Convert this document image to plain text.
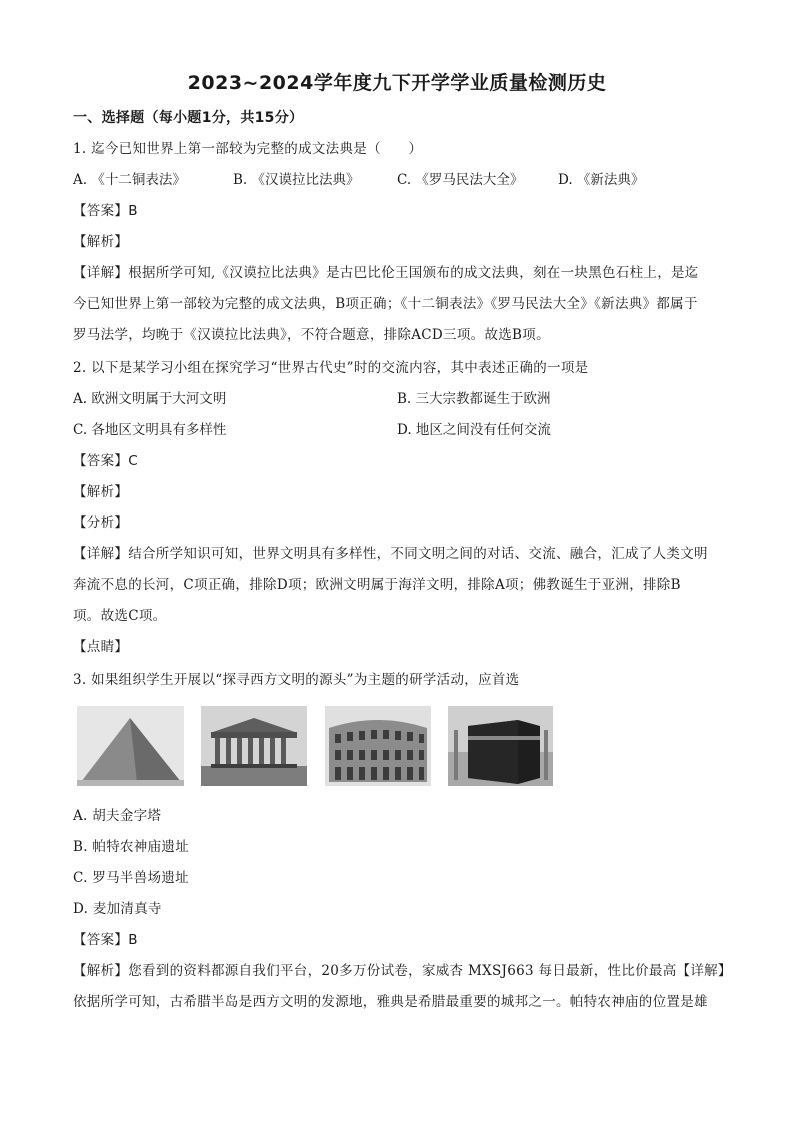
2023~2024学年度九下开学学业质量检测历史
一、选择题（每小题1分，共15分）
1. 迄今已知世界上第一部较为完整的成文法典是（　　）
A. 《十二铜表法》	B. 《汉谟拉比法典》	C. 《罗马民法大全》	D. 《新法典》
【答案】B
【解析】
【详解】根据所学可知,《汉谟拉比法典》是古巴比伦王国颁布的成文法典，刻在一块黑色石柱上，是迄
今已知世界上第一部较为完整的成文法典，B项正确；《十二铜表法》《罗马民法大全》《新法典》都属于
罗马法学，均晚于《汉谟拉比法典》，不符合题意，排除ACD三项。故选B项。
2. 以下是某学习小组在探究学习“世界古代史”时的交流内容，其中表述正确的一项是
A. 欧洲文明属于大河文明	B. 三大宗教都诞生于欧洲
C. 各地区文明具有多样性	D. 地区之间没有任何交流
【答案】C
【解析】
【分析】
【详解】结合所学知识可知，世界文明具有多样性，不同文明之间的对话、交流、融合，汇成了人类文明
奔流不息的长河，C项正确，排除D项；欧洲文明属于海洋文明，排除A项；佛教诞生于亚洲，排除B
项。故选C项。
【点睛】
3. 如果组织学生开展以“探寻西方文明的源头”为主题的研学活动，应首选
A. 胡夫金字塔
B. 帕特农神庙遗址
C. 罗马半兽场遗址
D. 麦加清真寺
【答案】B
【解析】您看到的资料都源自我们平台，20多万份试卷，家威杏 MXSJ663 每日最新，性比价最高【详解】
依据所学可知，古希腊半岛是西方文明的发源地，雅典是希腊最重要的城邦之一。帕特农神庙的位置是雄
